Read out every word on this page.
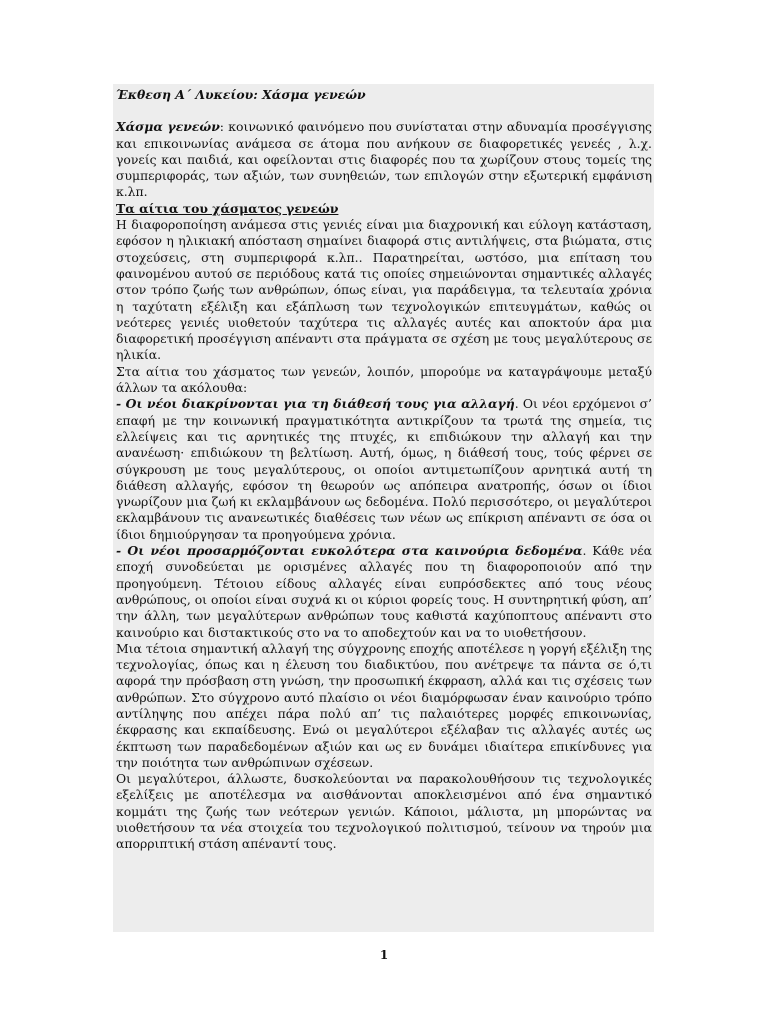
Έκθεση Α΄ Λυκείου: Χάσμα γενεών

Χάσμα γενεών: κοινωνικό φαινόμενο που συνίσταται στην αδυναμία προσέγγισης και επικοινωνίας ανάμεσα σε άτομα που ανήκουν σε διαφορετικές γενεές , λ.χ. γονείς και παιδιά, και οφείλονται στις διαφορές που τα χωρίζουν στους τομείς της συμπεριφοράς, των αξιών, των συνηθειών, των επιλογών στην εξωτερική εμφάνιση κ.λπ.

Τα αίτια του χάσματος γενεών

Η διαφοροποίηση ανάμεσα στις γενιές είναι μια διαχρονική και εύλογη κατάσταση, εφόσον η ηλικιακή απόσταση σημαίνει διαφορά στις αντιλήψεις, στα βιώματα, στις στοχεύσεις, στη συμπεριφορά κ.λπ.. Παρατηρείται, ωστόσο, μια επίταση του φαινομένου αυτού σε περιόδους κατά τις οποίες σημειώνονται σημαντικές αλλαγές στον τρόπο ζωής των ανθρώπων, όπως είναι, για παράδειγμα, τα τελευταία χρόνια η ταχύτατη εξέλιξη και εξάπλωση των τεχνολογικών επιτευγμάτων, καθώς οι νεότερες γενιές υιοθετούν ταχύτερα τις αλλαγές αυτές και αποκτούν άρα μια διαφορετική προσέγγιση απέναντι στα πράγματα σε σχέση με τους μεγαλύτερους σε ηλικία.

Στα αίτια του χάσματος των γενεών, λοιπόν, μπορούμε να καταγράψουμε μεταξύ άλλων τα ακόλουθα:

- Οι νέοι διακρίνονται για τη διάθεσή τους για αλλαγή. Οι νέοι ερχόμενοι σ’ επαφή με την κοινωνική πραγματικότητα αντικρίζουν τα τρωτά της σημεία, τις ελλείψεις και τις αρνητικές της πτυχές, κι επιδιώκουν την αλλαγή και την ανανέωση· επιδιώκουν τη βελτίωση. Αυτή, όμως, η διάθεσή τους, τούς φέρνει σε σύγκρουση με τους μεγαλύτερους, οι οποίοι αντιμετωπίζουν αρνητικά αυτή τη διάθεση αλλαγής, εφόσον τη θεωρούν ως απόπειρα ανατροπής, όσων οι ίδιοι γνωρίζουν μια ζωή κι εκλαμβάνουν ως δεδομένα. Πολύ περισσότερο, οι μεγαλύτεροι εκλαμβάνουν τις ανανεωτικές διαθέσεις των νέων ως επίκριση απέναντι σε όσα οι ίδιοι δημιούργησαν τα προηγούμενα χρόνια.

- Οι νέοι προσαρμόζονται ευκολότερα στα καινούρια δεδομένα. Κάθε νέα εποχή συνοδεύεται με ορισμένες αλλαγές που τη διαφοροποιούν από την προηγούμενη. Τέτοιου είδους αλλαγές είναι ευπρόσδεκτες από τους νέους ανθρώπους, οι οποίοι είναι συχνά κι οι κύριοι φορείς τους. Η συντηρητική φύση, απ’ την άλλη, των μεγαλύτερων ανθρώπων τους καθιστά καχύποπτους απέναντι στο καινούριο και διστακτικούς στο να το αποδεχτούν και να το υιοθετήσουν.

Μια τέτοια σημαντική αλλαγή της σύγχρονης εποχής αποτέλεσε η γοργή εξέλιξη της τεχνολογίας, όπως και η έλευση του διαδικτύου, που ανέτρεψε τα πάντα σε ό,τι αφορά την πρόσβαση στη γνώση, την προσωπική έκφραση, αλλά και τις σχέσεις των ανθρώπων. Στο σύγχρονο αυτό πλαίσιο οι νέοι διαμόρφωσαν έναν καινούριο τρόπο αντίληψης που απέχει πάρα πολύ απ’ τις παλαιότερες μορφές επικοινωνίας, έκφρασης και εκπαίδευσης. Ενώ οι μεγαλύτεροι εξέλαβαν τις αλλαγές αυτές ως έκπτωση των παραδεδομένων αξιών και ως εν δυνάμει ιδιαίτερα επικίνδυνες για την ποιότητα των ανθρώπινων σχέσεων.

Οι μεγαλύτεροι, άλλωστε, δυσκολεύονται να παρακολουθήσουν τις τεχνολογικές εξελίξεις με αποτέλεσμα να αισθάνονται αποκλεισμένοι από ένα σημαντικό κομμάτι της ζωής των νεότερων γενιών. Κάποιοι, μάλιστα, μη μπορώντας να υιοθετήσουν τα νέα στοιχεία του τεχνολογικού πολιτισμού, τείνουν να τηρούν μια απορριπτική στάση απέναντί τους.

1
